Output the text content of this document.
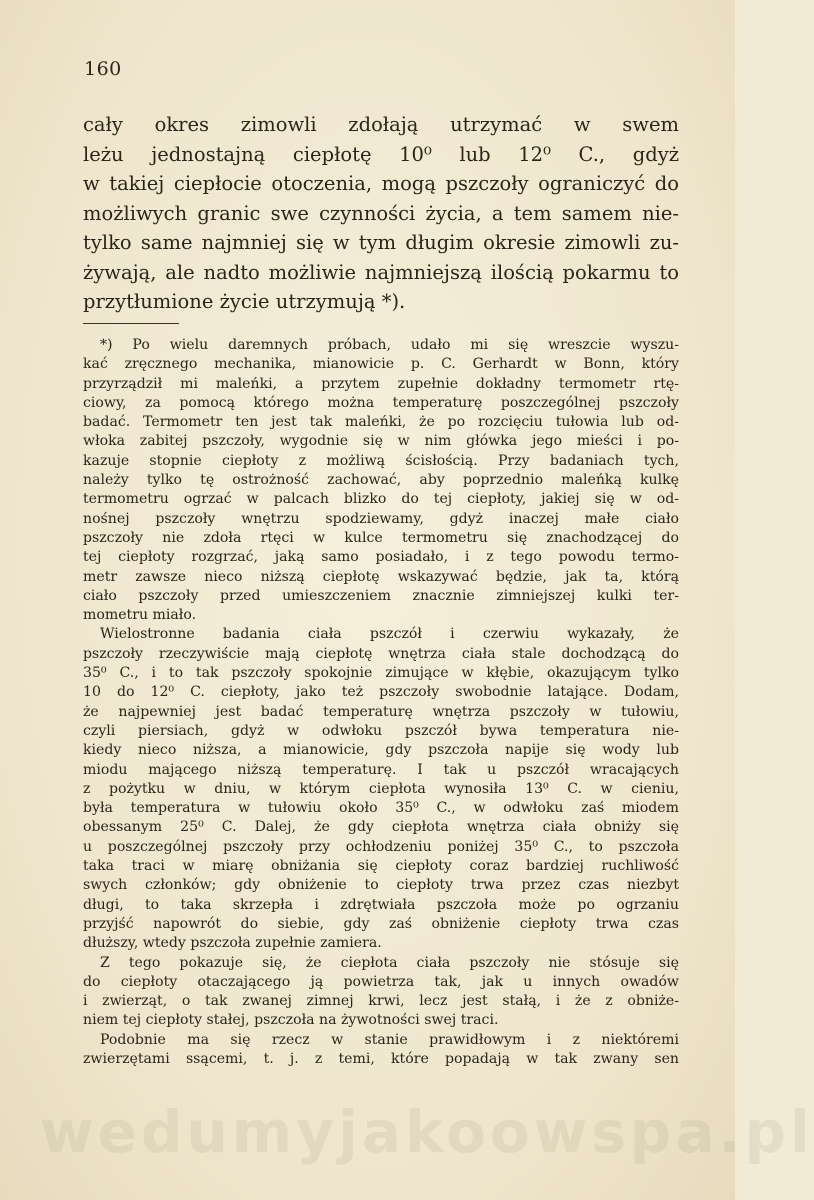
160
cały okres zimowli zdołają utrzymać w swem
leżu jednostajną ciepłotę 10⁰ lub 12⁰ C., gdyż
w takiej ciepłocie otoczenia, mogą pszczoły ograniczyć do
możliwych granic swe czynności życia, a tem samem nie-
tylko same najmniej się w tym długim okresie zimowli zu-
żywają, ale nadto możliwie najmniejszą ilością pokarmu to
przytłumione życie utrzymują *).
*) Po wielu daremnych próbach, udało mi się wreszcie wyszu-
kać zręcznego mechanika, mianowicie p. C. Gerhardt w Bonn, który
przyrządził mi maleńki, a przytem zupełnie dokładny termometr rtę-
ciowy, za pomocą którego można temperaturę poszczególnej pszczoły
badać. Termometr ten jest tak maleńki, że po rozcięciu tułowia lub od-
włoka zabitej pszczoły, wygodnie się w nim główka jego mieści i po-
kazuje stopnie ciepłoty z możliwą ścisłością. Przy badaniach tych,
należy tylko tę ostrożność zachować, aby poprzednio maleńką kulkę
termometru ogrzać w palcach blizko do tej ciepłoty, jakiej się w od-
nośnej pszczoły wnętrzu spodziewamy, gdyż inaczej małe ciało
pszczoły nie zdoła rtęci w kulce termometru się znachodzącej do
tej ciepłoty rozgrzać, jaką samo posiadało, i z tego powodu termo-
metr zawsze nieco niższą ciepłotę wskazywać będzie, jak ta, którą
ciało pszczoły przed umieszczeniem znacznie zimniejszej kulki ter-
mometru miało.
Wielostronne badania ciała pszczół i czerwiu wykazały, że
pszczoły rzeczywiście mają ciepłotę wnętrza ciała stale dochodzącą do
35⁰ C., i to tak pszczoły spokojnie zimujące w kłębie, okazującym tylko
10 do 12⁰ C. ciepłoty, jako też pszczoły swobodnie latające. Dodam,
że najpewniej jest badać temperaturę wnętrza pszczoły w tułowiu,
czyli piersiach, gdyż w odwłoku pszczół bywa temperatura nie-
kiedy nieco niższa, a mianowicie, gdy pszczoła napije się wody lub
miodu mającego niższą temperaturę. I tak u pszczół wracających
z pożytku w dniu, w którym ciepłota wynosiła 13⁰ C. w cieniu,
była temperatura w tułowiu około 35⁰ C., w odwłoku zaś miodem
obessanym 25⁰ C. Dalej, że gdy ciepłota wnętrza ciała obniży się
u poszczególnej pszczoły przy ochłodzeniu poniżej 35⁰ C., to pszczoła
taka traci w miarę obniżania się ciepłoty coraz bardziej ruchliwość
swych członków; gdy obniżenie to ciepłoty trwa przez czas niezbyt
długi, to taka skrzepła i zdrętwiała pszczoła może po ogrzaniu
przyjść napowrót do siebie, gdy zaś obniżenie ciepłoty trwa czas
dłuższy, wtedy pszczoła zupełnie zamiera.
Z tego pokazuje się, że ciepłota ciała pszczoły nie stósuje się
do ciepłoty otaczającego ją powietrza tak, jak u innych owadów
i zwierząt, o tak zwanej zimnej krwi, lecz jest stałą, i że z obniże-
niem tej ciepłoty stałej, pszczoła na żywotności swej traci.
Podobnie ma się rzecz w stanie prawidłowym i z niektóremi
zwierzętami ssącemi, t. j. z temi, które popadają w tak zwany sen
wedumyjakoowspa.pl
